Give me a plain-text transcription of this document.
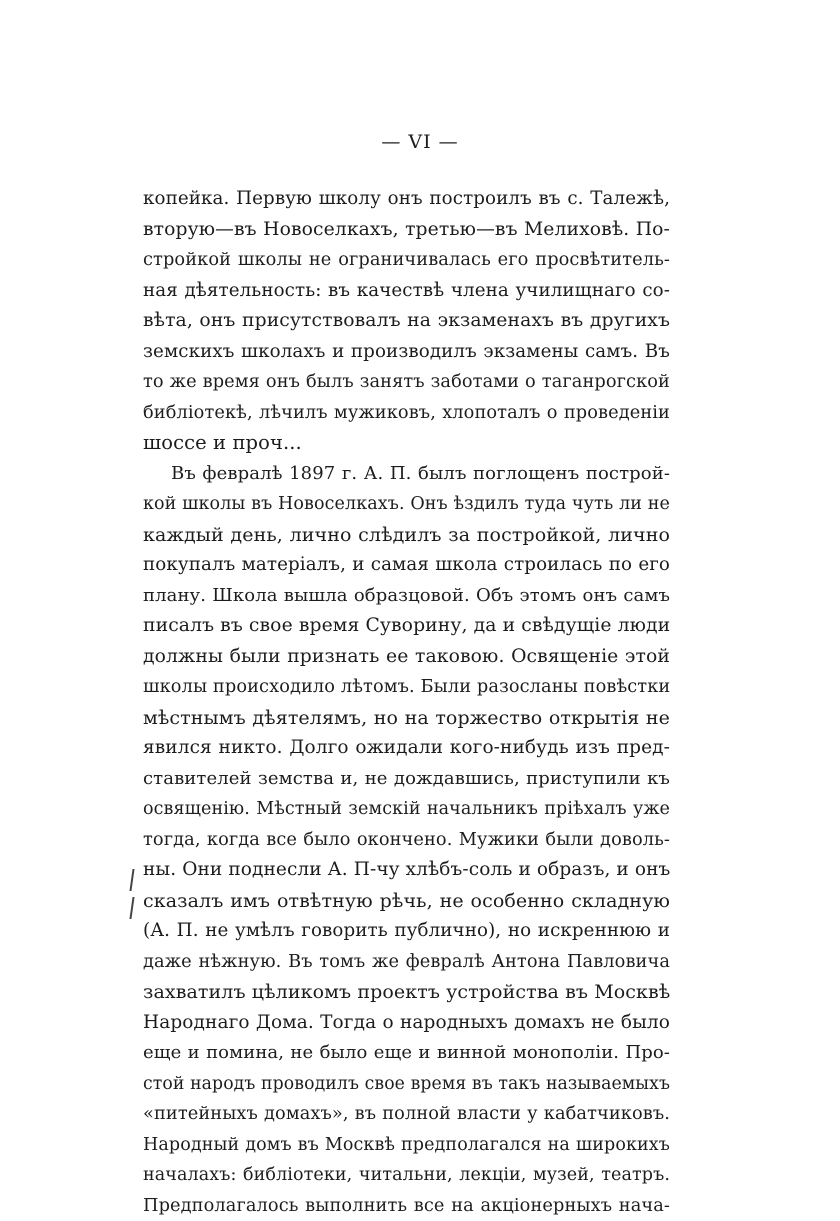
— VI —
копейка. Первую школу онъ построилъ въ с. Талежѣ,
вторую—въ Новоселкахъ, третью—въ Мелиховѣ. По-
стройкой школы не ограничивалась его просвѣтитель-
ная дѣятельность: въ качествѣ члена училищнаго со-
вѣта, онъ присутствовалъ на экзаменахъ въ другихъ
земскихъ школахъ и производилъ экзамены самъ. Въ
то же время онъ былъ занятъ заботами о таганрогской
библіотекѣ, лѣчилъ мужиковъ, хлопоталъ о проведеніи
шоссе и проч...
Въ февралѣ 1897 г. А. П. былъ поглощенъ построй-
кой школы въ Новоселкахъ. Онъ ѣздилъ туда чуть ли не
каждый день, лично слѣдилъ за постройкой, лично
покупалъ матеріалъ, и самая школа строилась по его
плану. Школа вышла образцовой. Объ этомъ онъ самъ
писалъ въ свое время Суворину, да и свѣдущіе люди
должны были признать ее таковою. Освященіе этой
школы происходило лѣтомъ. Были разосланы повѣстки
мѣстнымъ дѣятелямъ, но на торжество открытія не
явился никто. Долго ожидали кого-нибудь изъ пред-
ставителей земства и, не дождавшись, приступили къ
освященію. Мѣстный земскій начальникъ пріѣхалъ уже
тогда, когда все было окончено. Мужики были доволь-
ны. Они поднесли А. П-чу хлѣбъ-соль и образъ, и онъ
сказалъ имъ отвѣтную рѣчь, не особенно складную
(А. П. не умѣлъ говорить публично), но искреннюю и
даже нѣжную. Въ томъ же февралѣ Антона Павловича
захватилъ цѣликомъ проектъ устройства въ Москвѣ
Народнаго Дома. Тогда о народныхъ домахъ не было
еще и помина, не было еще и винной монополіи. Про-
стой народъ проводилъ свое время въ такъ называемыхъ
«питейныхъ домахъ», въ полной власти у кабатчиковъ.
Народный домъ въ Москвѣ предполагался на широкихъ
началахъ: библіотеки, читальни, лекціи, музей, театръ.
Предполагалось выполнить все на акціонерныхъ нача-
